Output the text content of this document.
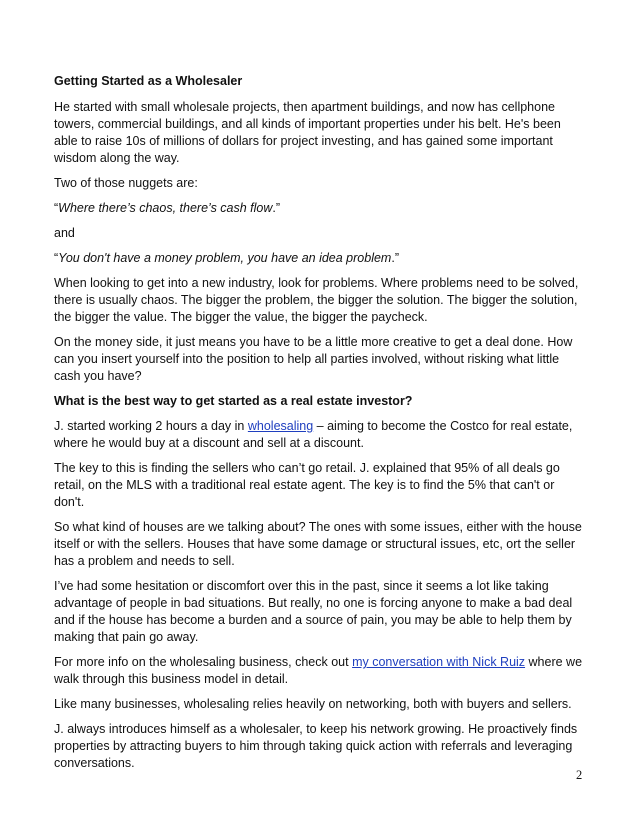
Getting Started as a Wholesaler
He started with small wholesale projects, then apartment buildings, and now has cellphone towers, commercial buildings, and all kinds of important properties under his belt. He's been able to raise 10s of millions of dollars for project investing, and has gained some important wisdom along the way.
Two of those nuggets are:
“Where there’s chaos, there’s cash flow.”
and
“You don't have a money problem, you have an idea problem.”
When looking to get into a new industry, look for problems. Where problems need to be solved, there is usually chaos. The bigger the problem, the bigger the solution. The bigger the solution, the bigger the value. The bigger the value, the bigger the paycheck.
On the money side, it just means you have to be a little more creative to get a deal done. How can you insert yourself into the position to help all parties involved, without risking what little cash you have?
What is the best way to get started as a real estate investor?
J. started working 2 hours a day in wholesaling – aiming to become the Costco for real estate, where he would buy at a discount and sell at a discount.
The key to this is finding the sellers who can’t go retail. J. explained that 95% of all deals go retail, on the MLS with a traditional real estate agent. The key is to find the 5% that can't or don't.
So what kind of houses are we talking about? The ones with some issues, either with the house itself or with the sellers. Houses that have some damage or structural issues, etc, ort the seller has a problem and needs to sell.
I’ve had some hesitation or discomfort over this in the past, since it seems a lot like taking advantage of people in bad situations. But really, no one is forcing anyone to make a bad deal and if the house has become a burden and a source of pain, you may be able to help them by making that pain go away.
For more info on the wholesaling business, check out my conversation with Nick Ruiz where we walk through this business model in detail.
Like many businesses, wholesaling relies heavily on networking, both with buyers and sellers.
J. always introduces himself as a wholesaler, to keep his network growing. He proactively finds properties by attracting buyers to him through taking quick action with referrals and leveraging conversations.
2
